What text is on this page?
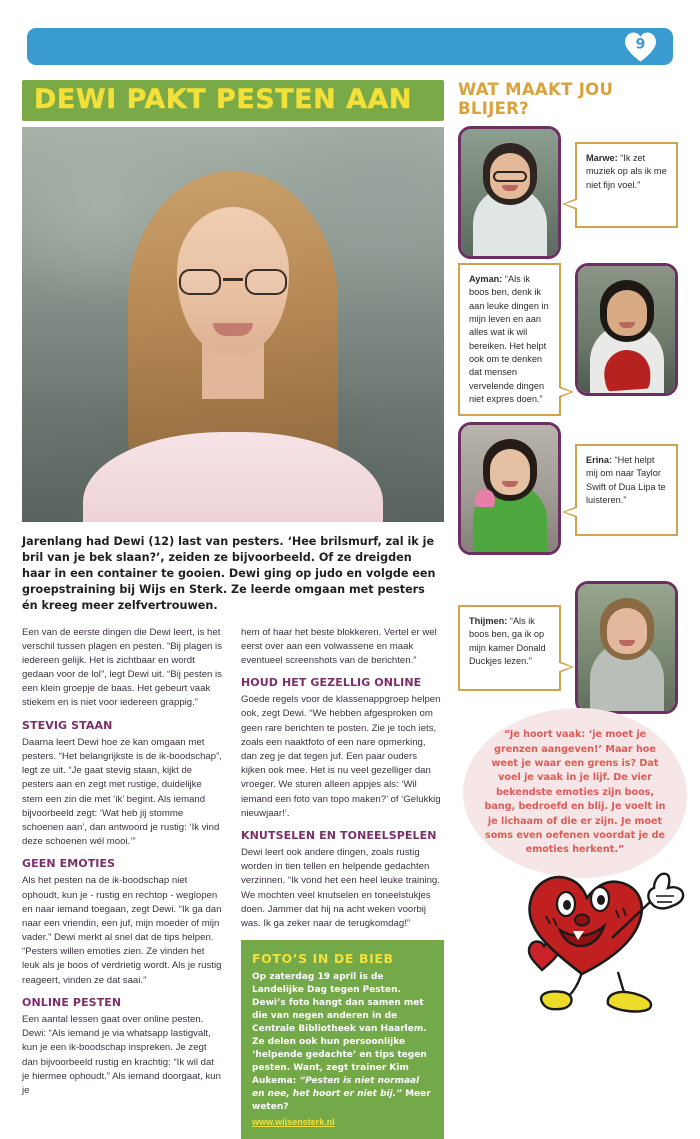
9
DEWI PAKT PESTEN AAN
Jarenlang had Dewi (12) last van pesters. ‘Hee brilsmurf, zal ik je bril van je bek slaan?’, zeiden ze bijvoorbeeld. Of ze dreigden haar in een container te gooien. Dewi ging op judo en volgde een groepstraining bij Wijs en Sterk. Ze leerde omgaan met pesters én kreeg meer zelfvertrouwen.

Een van de eerste dingen die Dewi leert, is het verschil tussen plagen en pesten. “Bij plagen is iedereen gelijk. Het is zichtbaar en wordt gedaan voor de lol”, legt Dewi uit. “Bij pesten is een klein groepje de baas. Het gebeurt vaak stiekem en is niet voor iedereen grappig.”

STEVIG STAAN

Daarna leert Dewi hoe ze kan omgaan met pesters. “Het belangrijkste is de ik-boodschap”, legt ze uit. “Je gaat stevig staan, kijkt de pesters aan en zegt met rustige, duidelijke stem een zin die met ‘ik’ begint. Als iemand bijvoorbeeld zegt: ‘Wat heb jij stomme schoenen aan’, dan antwoord je rustig: ‘Ik vind deze schoenen wél mooi.’”

GEEN EMOTIES

Als het pesten na de ik-boodschap niet ophoudt, kun je - rustig en rechtop - weglopen en naar iemand toegaan, zegt Dewi. “Ik ga dan naar een vriendin, een juf, mijn moeder of mijn vader.” Dewi merkt al snel dat de tips helpen. “Pesters willen emoties zien. Ze vinden het leuk als je boos of verdrietig wordt. Als je rustig reageert, vinden ze dat saai.”

ONLINE PESTEN

Een aantal lessen gaat over online pesten. Dewi: “Als iemand je via whatsapp lastigvalt, kun je een ik-boodschap inspreken. Je zegt dan bijvoorbeeld rustig en krachtig: “Ik wil dat je hiermee ophoudt.” Als iemand doorgaat, kun je

hem of haar het beste blokkeren. Vertel er wel eerst over aan een volwassene en maak eventueel screenshots van de berichten.”

HOUD HET GEZELLIG ONLINE

Goede regels voor de klassenappgroep helpen ook, zegt Dewi. “We hebben afgesproken om geen rare berichten te posten. Zie je toch iets, zoals een naaktfoto of een nare opmerking, dan zeg je dat tegen juf. Een paar ouders kijken ook mee. Het is nu veel gezelliger dan vroeger. We sturen alleen appjes als: ‘Wil iemand een foto van topo maken?’ of ‘Gelukkig nieuwjaar!’.

KNUTSELEN EN TONEELSPELEN

Dewi leert ook andere dingen, zoals rustig worden in tien tellen en helpende gedachten verzinnen. “Ik vond het een heel leuke training. We mochten veel knutselen en toneelstukjes doen. Jammer dat hij na acht weken voorbij was. Ik ga zeker naar de terugkomdag!”

FOTO’S IN DE BIEB

Op zaterdag 19 april is de Landelijke Dag tegen Pesten. Dewi’s foto hangt dan samen met die van negen anderen in de Centrale Bibliotheek van Haarlem. Ze delen ook hun persoonlijke ‘helpende gedachte’ en tips tegen pesten. Want, zegt trainer Kim Aukema: “Pesten is niet normaal en nee, het hoort er niet bij.” Meer weten?

www.wijsensterk.nl
WAT MAAKT JOU BLIJER?
Marwe: “Ik zet muziek op als ik me niet fijn voel.”
Ayman: “Als ik boos ben, denk ik aan leuke dingen in mijn leven en aan alles wat ik wil bereiken. Het helpt ook om te denken dat mensen vervelende dingen niet expres doen.”
Erina: “Het helpt mij om naar Taylor Swift of Dua Lipa te luisteren.”
Thijmen: “Als ik boos ben, ga ik op mijn kamer Donald Duckjes lezen.”

“Je hoort vaak: ‘je moet je grenzen aangeven!’ Maar hoe weet je waar een grens is? Dat voel je vaak in je lijf. De vier bekendste emoties zijn boos, bang, bedroefd en blij. Je voelt in je lichaam of die er zijn. Je moet soms even oefenen voordat je de emoties herkent.”
